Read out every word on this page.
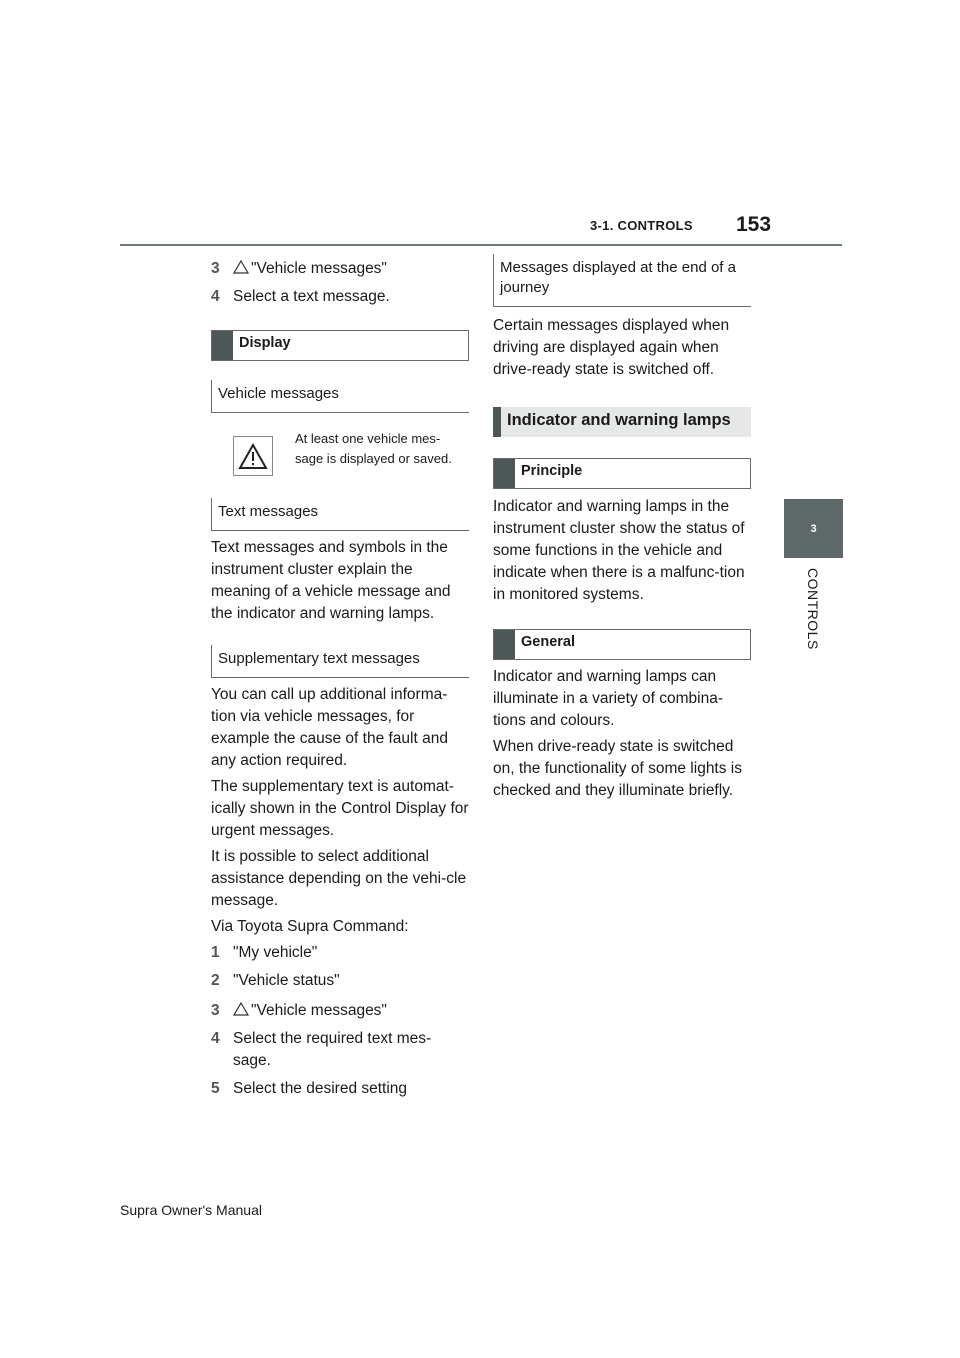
3-1. CONTROLS 153
3
CONTROLS
3	"Vehicle messages"
4 Select a text message.
Display
Vehicle messages
At least one vehicle mes-sage is displayed or saved.
Text messages

Text messages and symbols in the instrument cluster explain the meaning of a vehicle message and the indicator and warning lamps.

Supplementary text messages

You can call up additional informa-tion via vehicle messages, for example the cause of the fault and any action required.

The supplementary text is automat-ically shown in the Control Display for urgent messages.

It is possible to select additional assistance depending on the vehi-cle message.

Via Toyota Supra Command:

1 "My vehicle"
2 "Vehicle status"
3	"Vehicle messages"
4 Select the required text mes-sage.
5 Select the desired setting
Messages displayed at the end of a journey

Certain messages displayed when driving are displayed again when drive-ready state is switched off.

Indicator and warning lamps
Principle

Indicator and warning lamps in the instrument cluster show the status of some functions in the vehicle and indicate when there is a malfunc-tion in monitored systems.

General

Indicator and warning lamps can illuminate in a variety of combina-tions and colours.

When drive-ready state is switched on, the functionality of some lights is checked and they illuminate briefly.

Supra Owner's Manual
